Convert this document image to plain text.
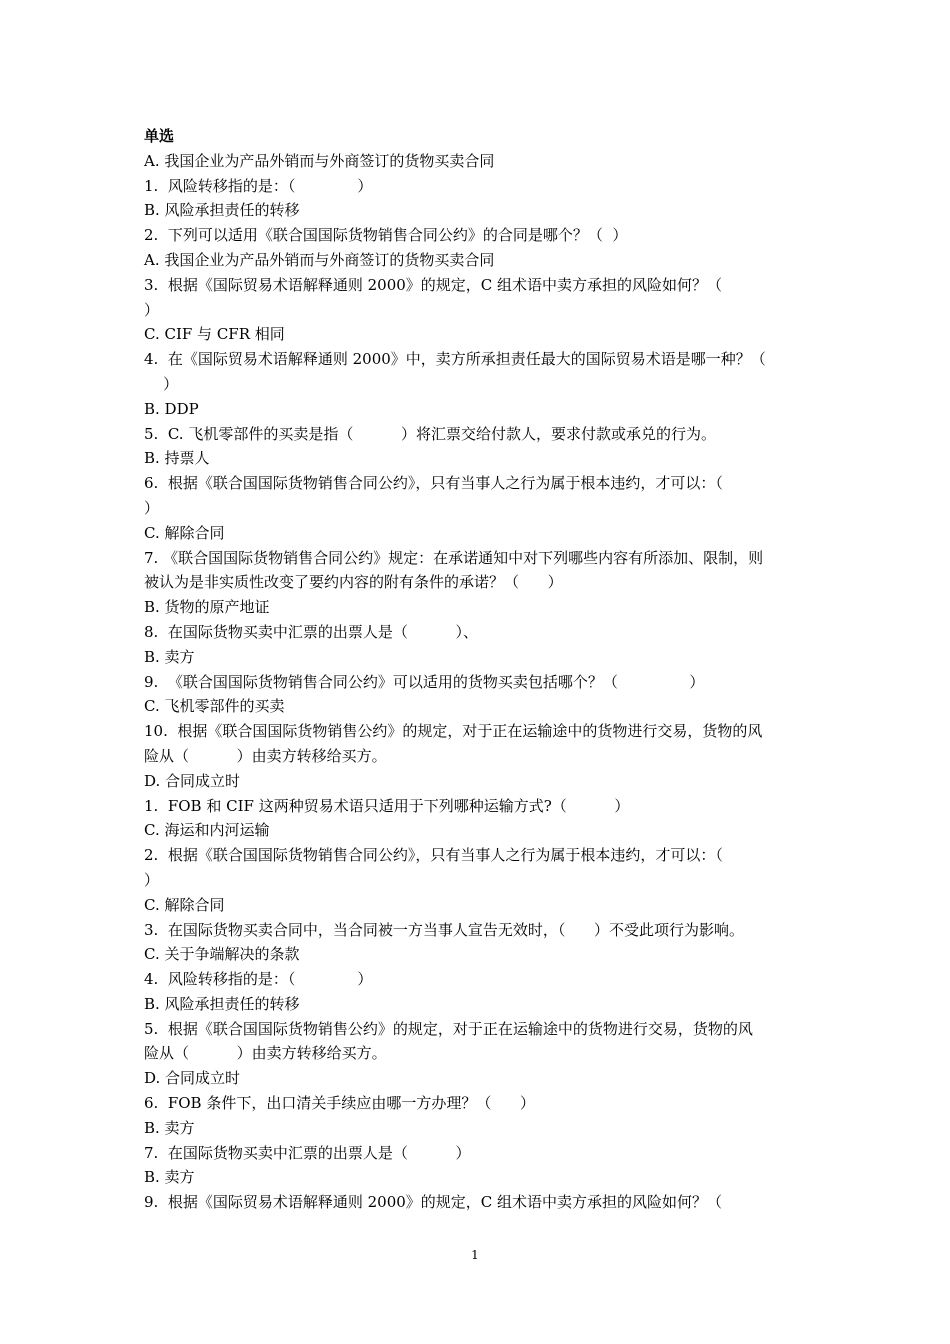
单选

A. 我国企业为产品外销而与外商签订的货物买卖合同

1.  风险转移指的是：（             ）

B. 风险承担责任的转移

2.  下列可以适用《联合国国际货物销售合同公约》的合同是哪个？（  ）

A. 我国企业为产品外销而与外商签订的货物买卖合同

3.  根据《国际贸易术语解释通则 2000》的规定，C 组术语中卖方承担的风险如何？（

）

C. CIF 与 CFR 相同

4.  在《国际贸易术语解释通则 2000》中，卖方所承担责任最大的国际贸易术语是哪一种？（

）

B. DDP

5.  C. 飞机零部件的买卖是指（          ）将汇票交给付款人，要求付款或承兑的行为。

B. 持票人

6.  根据《联合国国际货物销售合同公约》，只有当事人之行为属于根本违约，才可以：（

）

C. 解除合同

7. 《联合国国际货物销售合同公约》规定：在承诺通知中对下列哪些内容有所添加、限制，则

被认为是非实质性改变了要约内容的附有条件的承诺？（      ）

B. 货物的原产地证

8.  在国际货物买卖中汇票的出票人是（          ）、

B. 卖方

9.  《联合国国际货物销售合同公约》可以适用的货物买卖包括哪个？（               ）

C. 飞机零部件的买卖

10.  根据《联合国国际货物销售公约》的规定，对于正在运输途中的货物进行交易，货物的风

险从（          ）由卖方转移给买方。

D. 合同成立时

1.  FOB 和 CIF 这两种贸易术语只适用于下列哪种运输方式?（          ）

C. 海运和内河运输

2.  根据《联合国国际货物销售合同公约》，只有当事人之行为属于根本违约，才可以：（

）

C. 解除合同

3.  在国际货物买卖合同中，当合同被一方当事人宣告无效时，（      ）不受此项行为影响。

C. 关于争端解决的条款

4.  风险转移指的是：（             ）

B. 风险承担责任的转移

5.  根据《联合国国际货物销售公约》的规定，对于正在运输途中的货物进行交易，货物的风

险从（          ）由卖方转移给买方。

D. 合同成立时

6.  FOB 条件下，出口清关手续应由哪一方办理？（      ）

B. 卖方

7.  在国际货物买卖中汇票的出票人是（          ）

B. 卖方

9.  根据《国际贸易术语解释通则 2000》的规定，C 组术语中卖方承担的风险如何？（

1
